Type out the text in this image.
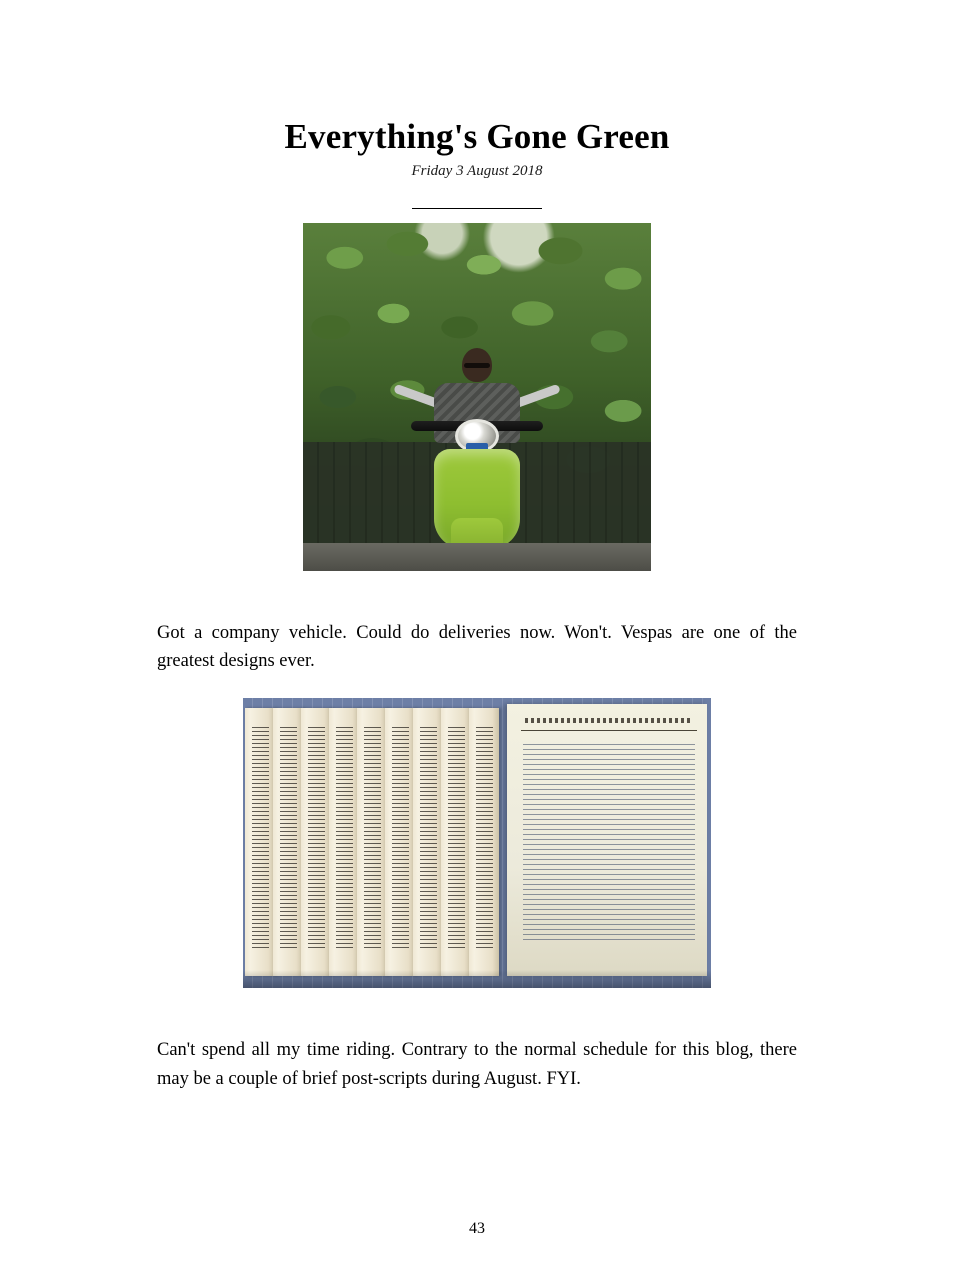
Everything's Gone Green
Friday 3 August 2018

Got a company vehicle. Could do deliveries now. Won't. Vespas are one of the greatest designs ever.

Can't spend all my time riding. Contrary to the normal schedule for this blog, there may be a couple of brief post-scripts during August. FYI.

43
